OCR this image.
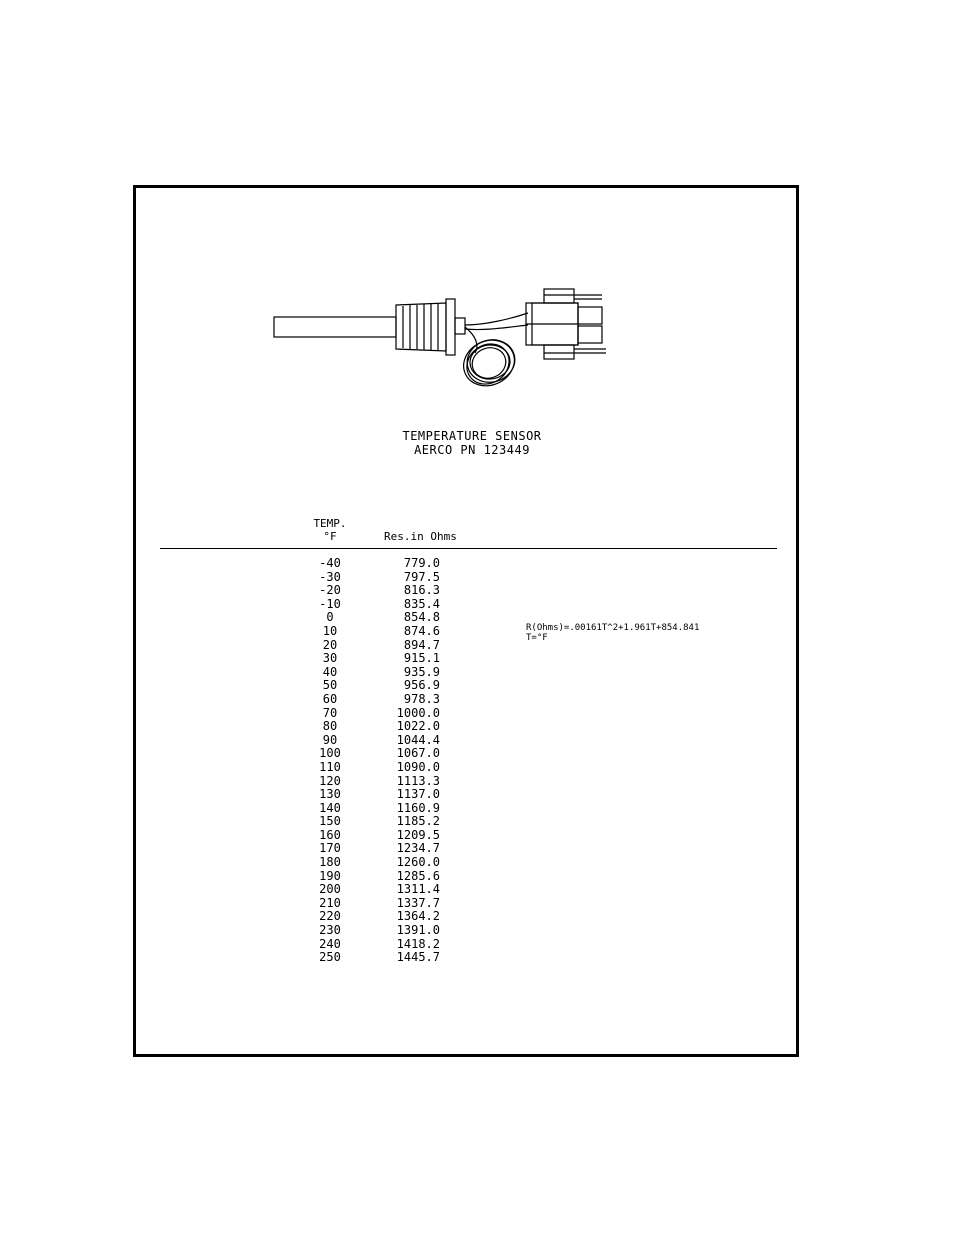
TEMPERATURE SENSOR
AERCO PN 123449
TEMP.
°F	Res.in Ohms
-40	779.0
-30	797.5
-20	816.3
-10	835.4
0	854.8
10	874.6
20	894.7
30	915.1
40	935.9
50	956.9
60	978.3
70	1000.0
80	1022.0
90	1044.4
100	1067.0
110	1090.0
120	1113.3
130	1137.0
140	1160.9
150	1185.2
160	1209.5
170	1234.7
180	1260.0
190	1285.6
200	1311.4
210	1337.7
220	1364.2
230	1391.0
240	1418.2
250	1445.7
R(Ohms)=.00161T^2+1.961T+854.841
T=°F
